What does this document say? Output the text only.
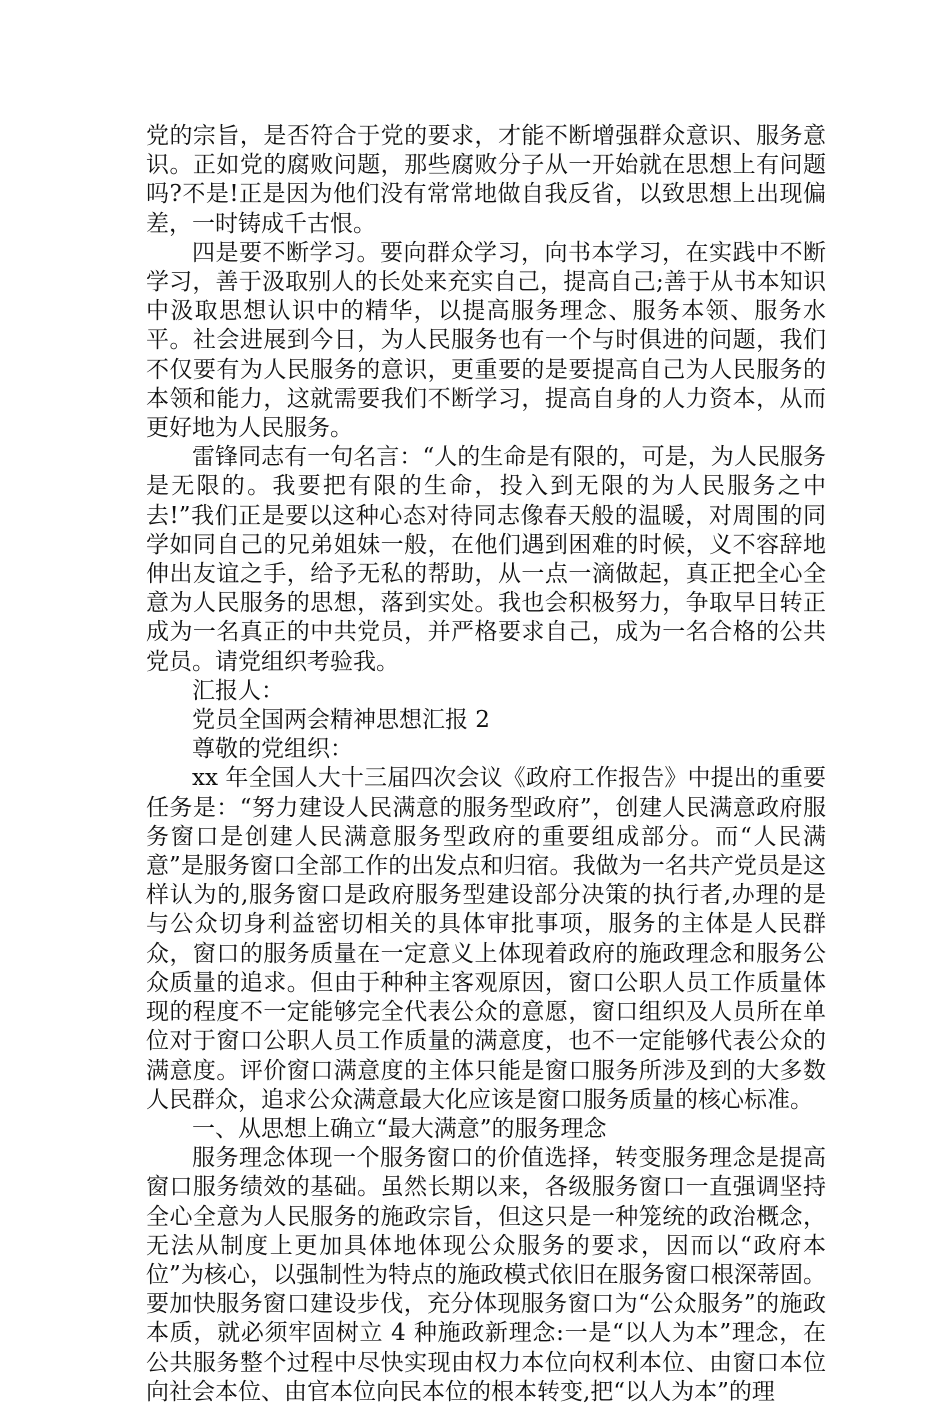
党的宗旨，是否符合于党的要求，才能不断增强群众意识、服务意识。正如党的腐败问题，那些腐败分子从一开始就在思想上有问题吗?不是!正是因为他们没有常常地做自我反省，以致思想上出现偏差，一时铸成千古恨。

四是要不断学习。要向群众学习，向书本学习，在实践中不断学习，善于汲取别人的长处来充实自己，提高自己;善于从书本知识中汲取思想认识中的精华，以提高服务理念、服务本领、服务水平。社会进展到今日，为人民服务也有一个与时俱进的问题，我们不仅要有为人民服务的意识，更重要的是要提高自己为人民服务的本领和能力，这就需要我们不断学习，提高自身的人力资本，从而更好地为人民服务。

雷锋同志有一句名言：“人的生命是有限的，可是，为人民服务是无限的。我要把有限的生命，投入到无限的为人民服务之中去!”我们正是要以这种心态对待同志像春天般的温暖，对周围的同学如同自己的兄弟姐妹一般，在他们遇到困难的时候，义不容辞地伸出友谊之手，给予无私的帮助，从一点一滴做起，真正把全心全意为人民服务的思想，落到实处。我也会积极努力，争取早日转正成为一名真正的中共党员，并严格要求自己，成为一名合格的公共党员。请党组织考验我。

汇报人：

党员全国两会精神思想汇报 2

尊敬的党组织：

xx 年全国人大十三届四次会议《政府工作报告》中提出的重要任务是：“努力建设人民满意的服务型政府”，创建人民满意政府服务窗口是创建人民满意服务型政府的重要组成部分。而“人民满意”是服务窗口全部工作的出发点和归宿。我做为一名共产党员是这样认为的,服务窗口是政府服务型建设部分决策的执行者,办理的是与公众切身利益密切相关的具体审批事项，服务的主体是人民群众，窗口的服务质量在一定意义上体现着政府的施政理念和服务公众质量的追求。但由于种种主客观原因，窗口公职人员工作质量体现的程度不一定能够完全代表公众的意愿，窗口组织及人员所在单位对于窗口公职人员工作质量的满意度，也不一定能够代表公众的满意度。评价窗口满意度的主体只能是窗口服务所涉及到的大多数人民群众，追求公众满意最大化应该是窗口服务质量的核心标准。

一、从思想上确立“最大满意”的服务理念

服务理念体现一个服务窗口的价值选择，转变服务理念是提高窗口服务绩效的基础。虽然长期以来，各级服务窗口一直强调坚持全心全意为人民服务的施政宗旨，但这只是一种笼统的政治概念，无法从制度上更加具体地体现公众服务的要求，因而以“政府本位”为核心，以强制性为特点的施政模式依旧在服务窗口根深蒂固。要加快服务窗口建设步伐，充分体现服务窗口为“公众服务”的施政本质，就必须牢固树立 4 种施政新理念:一是“以人为本”理念，在公共服务整个过程中尽快实现由权力本位向权利本位、由窗口本位向社会本位、由官本位向民本位的根本转变,把“以人为本”的理
